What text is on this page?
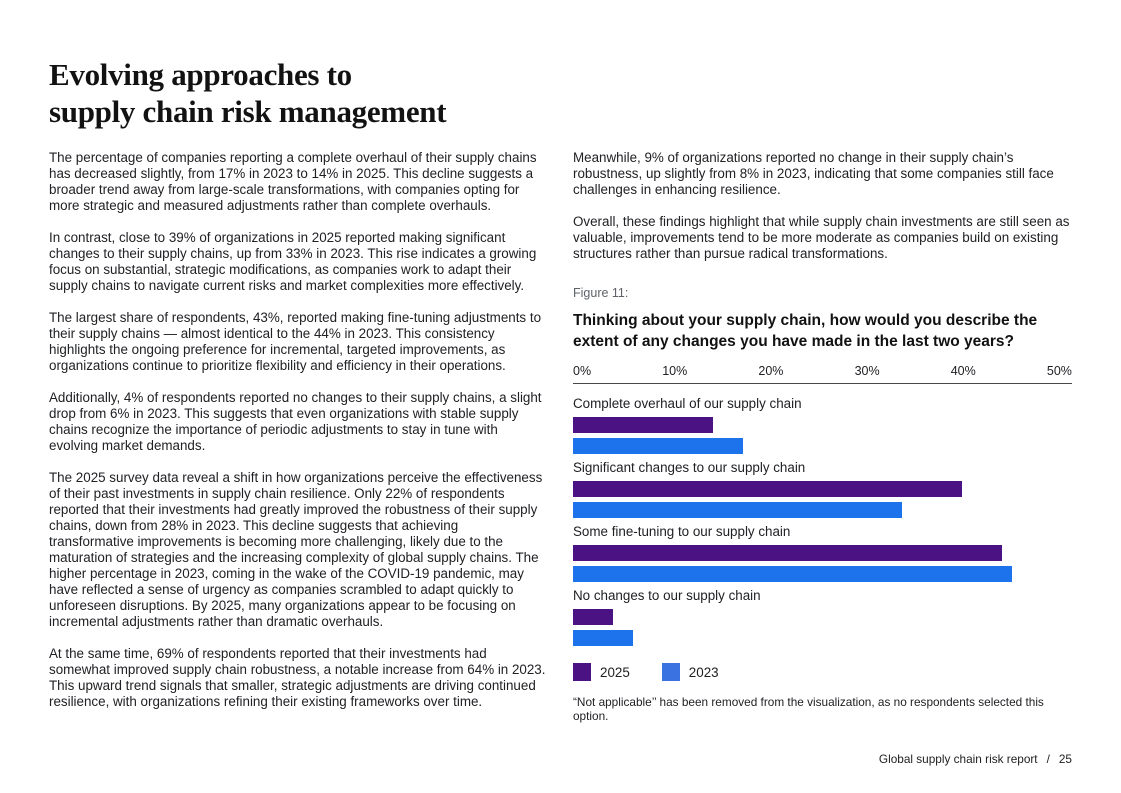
Evolving approaches to
supply chain risk management

The percentage of companies reporting a complete overhaul of their supply chains has decreased slightly, from 17% in 2023 to 14% in 2025. This decline suggests a broader trend away from large-scale transformations, with companies opting for more strategic and measured adjustments rather than complete overhauls.

In contrast, close to 39% of organizations in 2025 reported making significant changes to their supply chains, up from 33% in 2023. This rise indicates a growing focus on substantial, strategic modifications, as companies work to adapt their supply chains to navigate current risks and market complexities more effectively.

The largest share of respondents, 43%, reported making fine-tuning adjustments to their supply chains — almost identical to the 44% in 2023. This consistency highlights the ongoing preference for incremental, targeted improvements, as organizations continue to prioritize flexibility and efficiency in their operations.

Additionally, 4% of respondents reported no changes to their supply chains, a slight drop from 6% in 2023. This suggests that even organizations with stable supply chains recognize the importance of periodic adjustments to stay in tune with evolving market demands.

The 2025 survey data reveal a shift in how organizations perceive the effectiveness of their past investments in supply chain resilience. Only 22% of respondents reported that their investments had greatly improved the robustness of their supply chains, down from 28% in 2023. This decline suggests that achieving transformative improvements is becoming more challenging, likely due to the maturation of strategies and the increasing complexity of global supply chains. The higher percentage in 2023, coming in the wake of the COVID-19 pandemic, may have reflected a sense of urgency as companies scrambled to adapt quickly to unforeseen disruptions. By 2025, many organizations appear to be focusing on incremental adjustments rather than dramatic overhauls.

At the same time, 69% of respondents reported that their investments had somewhat improved supply chain robustness, a notable increase from 64% in 2023. This upward trend signals that smaller, strategic adjustments are driving continued resilience, with organizations refining their existing frameworks over time.

Meanwhile, 9% of organizations reported no change in their supply chain’s robustness, up slightly from 8% in 2023, indicating that some companies still face challenges in enhancing resilience.

Overall, these findings highlight that while supply chain investments are still seen as valuable, improvements tend to be more moderate as companies build on existing structures rather than pursue radical transformations.

Figure 11:
Thinking about your supply chain, how would you describe the extent of any changes you have made in the last two years?
0%	10%	20%	30%	40%	50%
Complete overhaul of our supply chain
Significant changes to our supply chain
Some fine-tuning to our supply chain
No changes to our supply chain
2025	2023

“Not applicable’’ has been removed from the visualization, as no respondents selected this option.

Global supply chain risk report / 25
